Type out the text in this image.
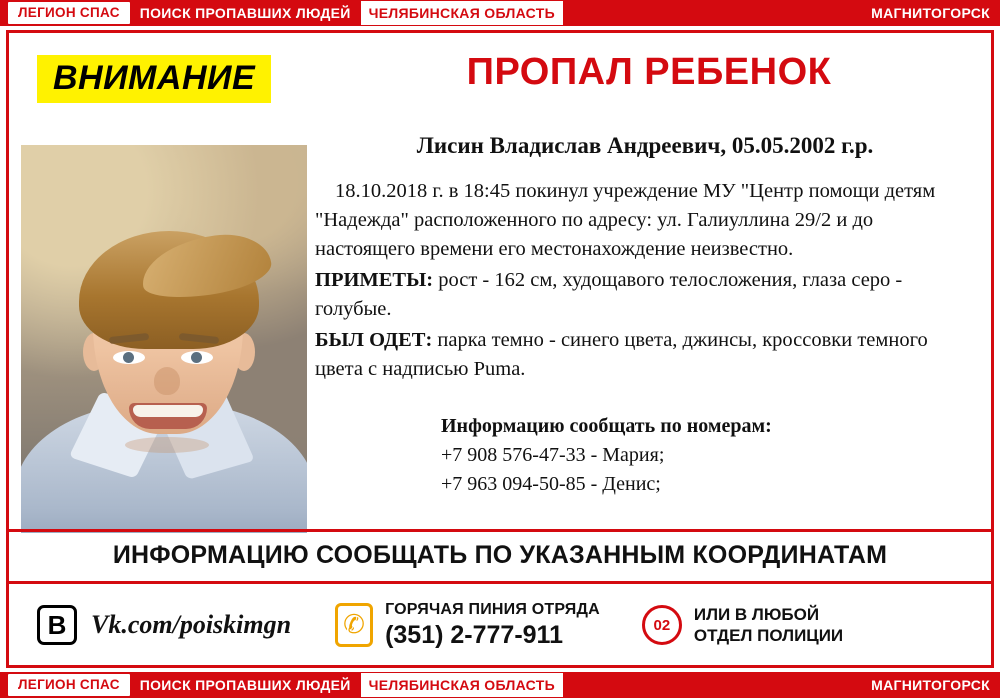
ЛЕГИОН СПАС	ПОИСК ПРОПАВШИХ ЛЮДЕЙ	ЧЕЛЯБИНСКАЯ ОБЛАСТЬ	МАГНИТОГОРСК
ВНИМАНИЕ	ПРОПАЛ РЕБЕНОК
Лисин Владислав Андреевич, 05.05.2002 г.р.

18.10.2018 г. в 18:45 покинул учреждение МУ "Центр помощи детям "Надежда" расположенного по адресу: ул. Галиуллина 29/2 и до настоящего времени его местонахождение неизвестно.

ПРИМЕТЫ: рост - 162 см, худощавого телосложения, глаза серо - голубые.

БЫЛ ОДЕТ: парка темно - синего цвета, джинсы, кроссовки темного цвета с надписью Puma.

Информацию сообщать по номерам:
+7 908 576-47-33 - Мария;
+7 963 094-50-85 - Денис;
ИНФОРМАЦИЮ СООБЩАТЬ ПО УКАЗАННЫМ КООРДИНАТАМ
B Vk.com/poiskimgn	✆
ГОРЯЧАЯ ПИНИЯ ОТРЯДА
(351) 2-777-911	02
ИЛИ В ЛЮБОЙ
ОТДЕЛ ПОЛИЦИИ
ЛЕГИОН СПАС	ПОИСК ПРОПАВШИХ ЛЮДЕЙ	ЧЕЛЯБИНСКАЯ ОБЛАСТЬ	МАГНИТОГОРСК
